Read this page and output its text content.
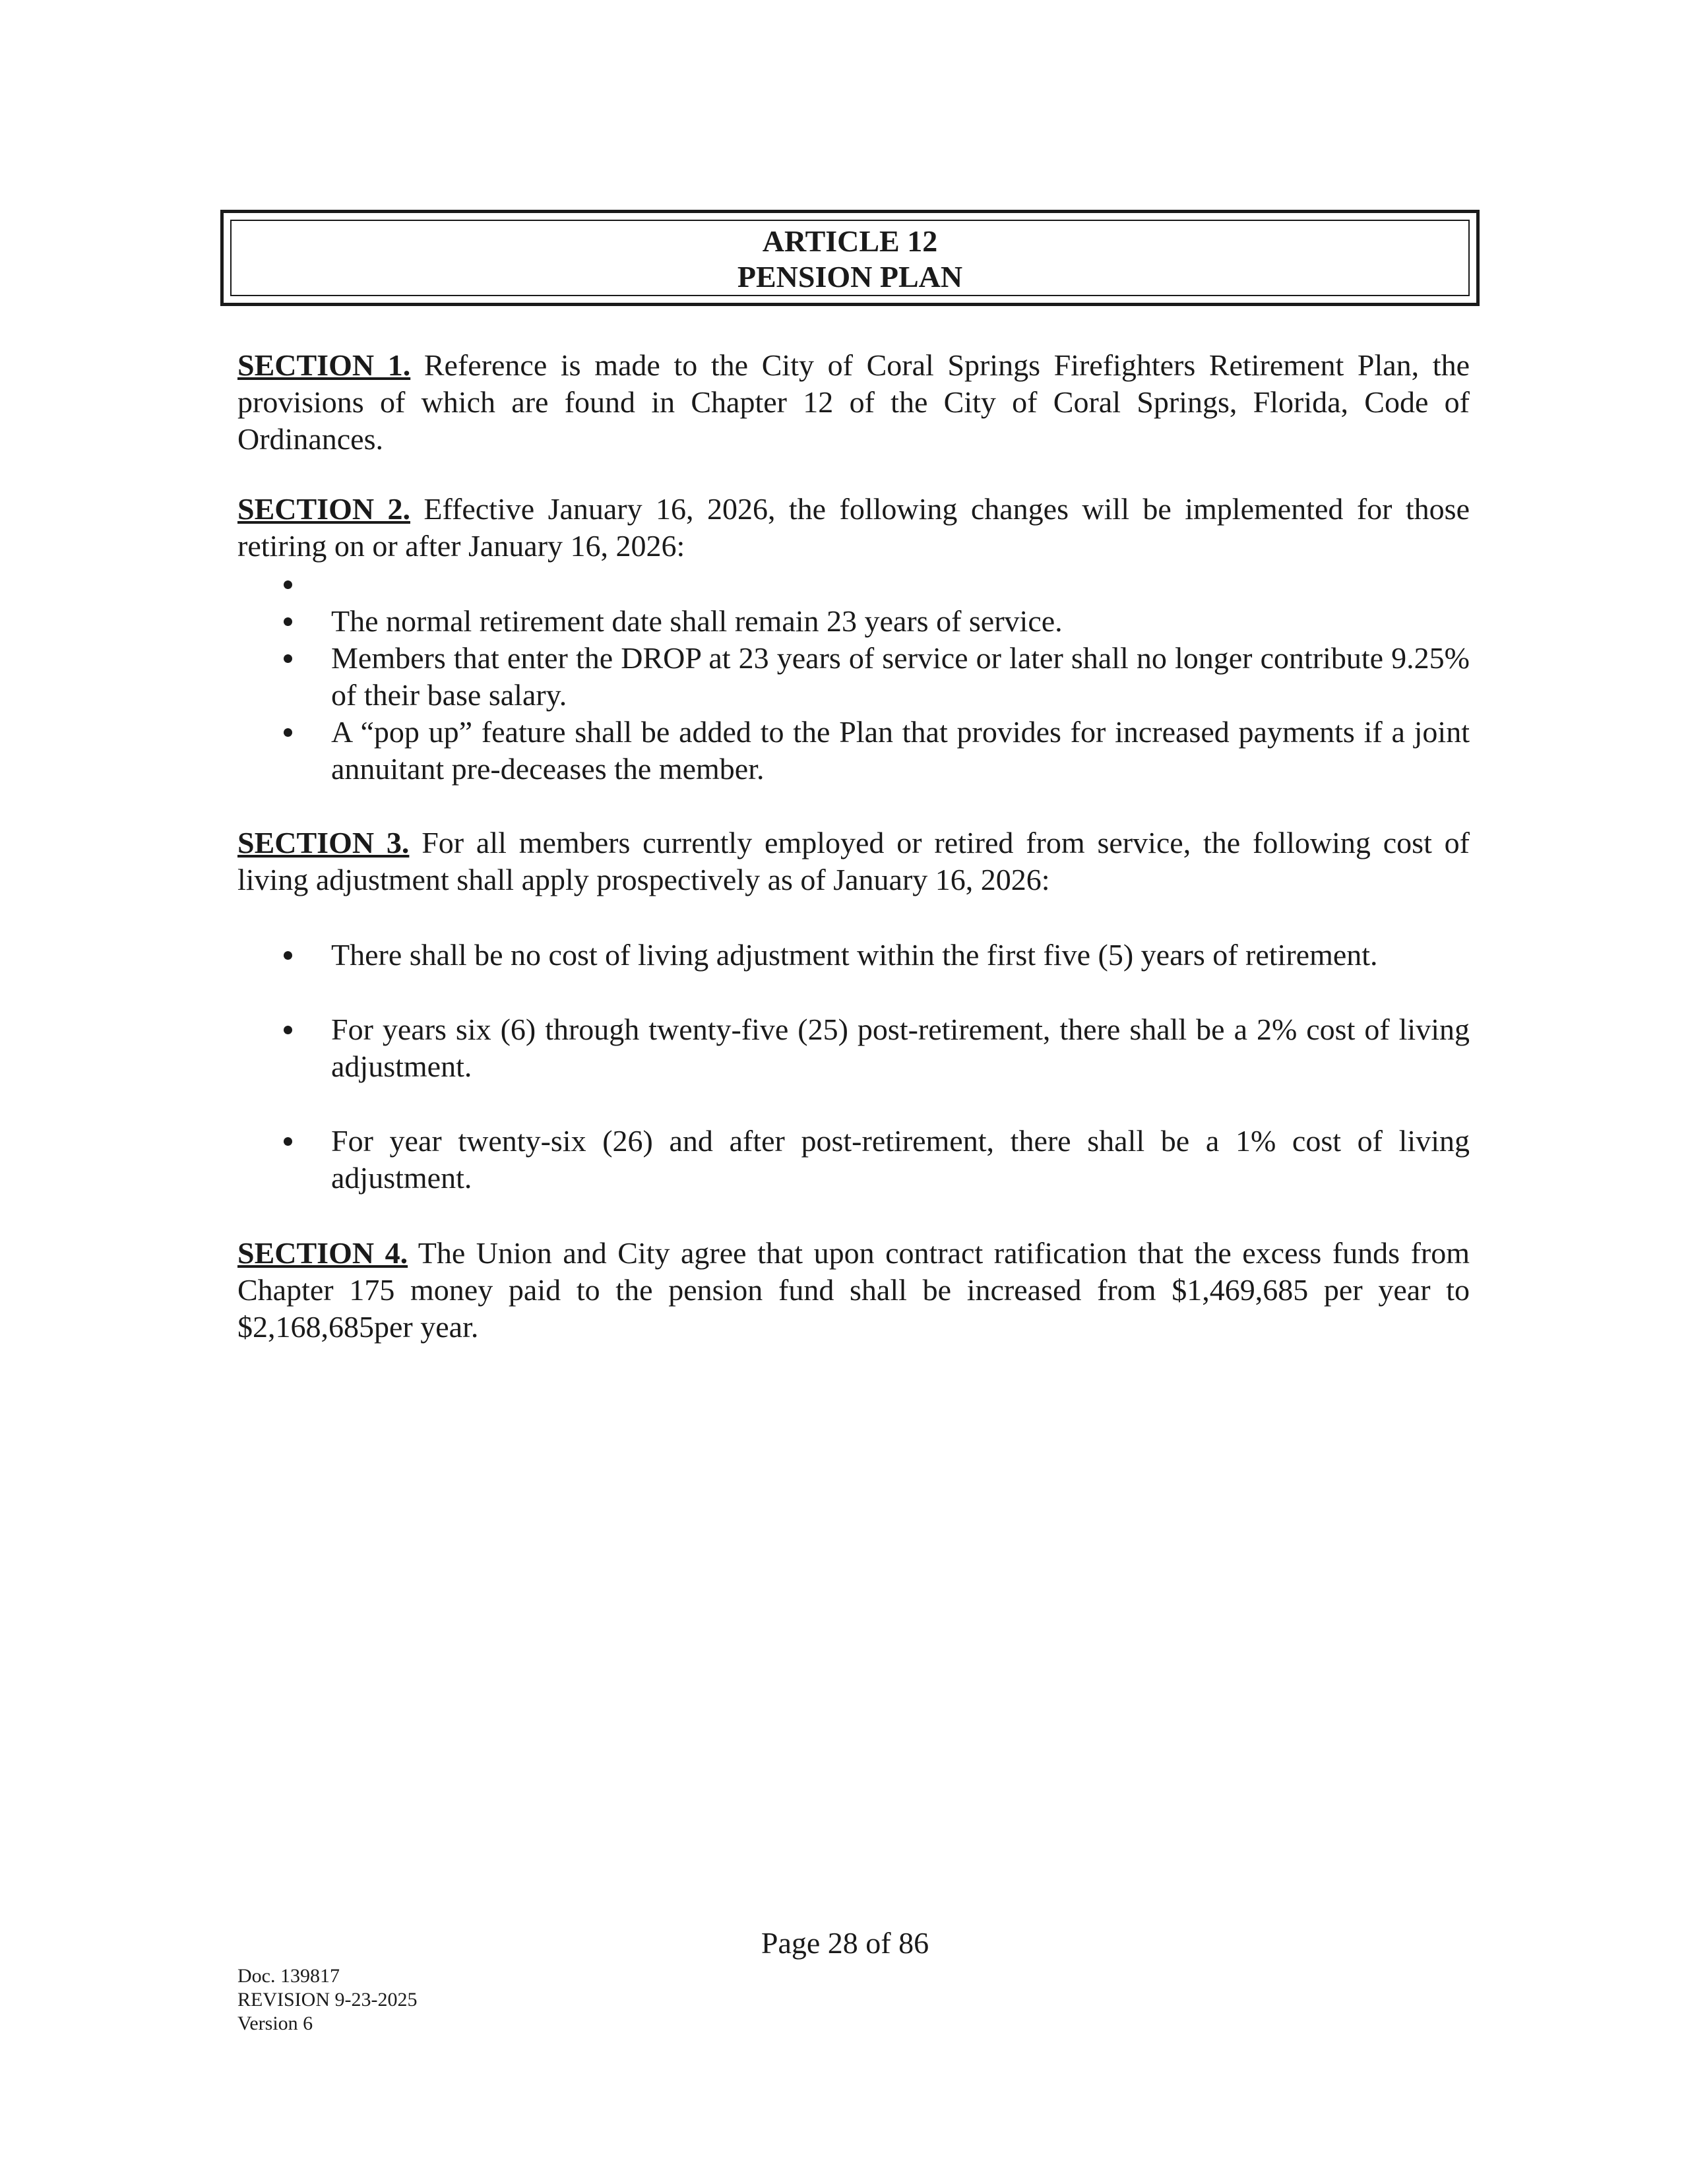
ARTICLE 12
PENSION PLAN
SECTION 1. Reference is made to the City of Coral Springs Firefighters Retirement Plan, the provisions of which are found in Chapter 12 of the City of Coral Springs, Florida, Code of Ordinances.
SECTION 2. Effective January 16, 2026, the following changes will be implemented for those retiring on or after January 16, 2026:
The normal retirement date shall remain 23 years of service.
Members that enter the DROP at 23 years of service or later shall no longer contribute 9.25% of their base salary.
A “pop up” feature shall be added to the Plan that provides for increased payments if a joint annuitant pre-deceases the member.
SECTION 3. For all members currently employed or retired from service, the following cost of living adjustment shall apply prospectively as of January 16, 2026:
There shall be no cost of living adjustment within the first five (5) years of retirement.
For years six (6) through twenty-five (25) post-retirement, there shall be a 2% cost of living adjustment.
For year twenty-six (26) and after post-retirement, there shall be a 1% cost of living adjustment.
SECTION 4. The Union and City agree that upon contract ratification that the excess funds from Chapter 175 money paid to the pension fund shall be increased from $1,469,685 per year to $2,168,685per year.
Page 28 of 86
Doc. 139817
REVISION 9-23-2025
Version 6
